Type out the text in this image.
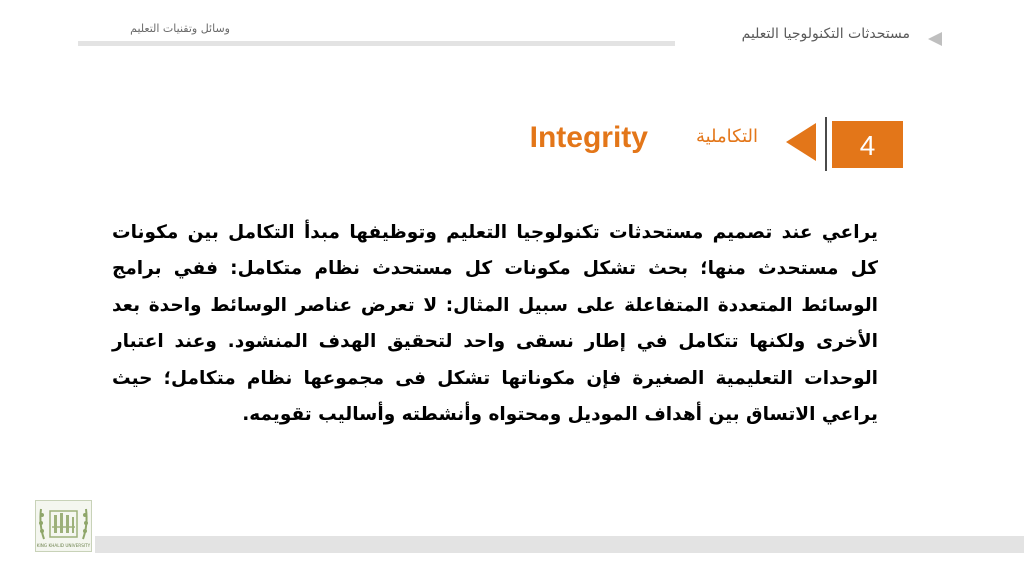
وسائل وتقنيات التعليم	مستحدثات التكنولوجيا التعليم
Integrity	التكاملية	4
يراعي عند تصميم مستحدثات تكنولوجيا التعليم وتوظيفها مبدأ التكامل بين مكونات كل مستحدث منها؛ بحث تشكل مكونات كل مستحدث نظام متكامل: ففي برامج الوسائط المتعددة المتفاعلة على سبيل المثال: لا تعرض عناصر الوسائط واحدة بعد الأخرى ولكنها تتكامل في إطار نسقى واحد لتحقيق الهدف المنشود. وعند اعتبار الوحدات التعليمية الصغيرة فإن مكوناتها تشكل فى مجموعها نظام متكامل؛ حيث يراعي الاتساق بين أهداف الموديل ومحتواه وأنشطته وأساليب تقويمه.
KING KHALID UNIVERSITY
